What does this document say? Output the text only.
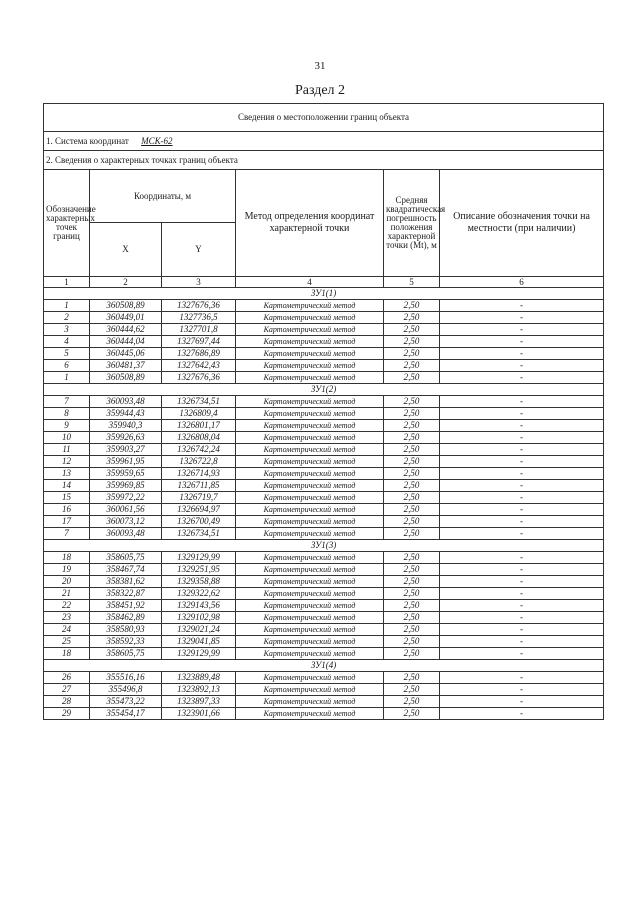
31
Раздел 2
Сведения о местоположении границ объекта					
1. Система координат МСК-62					
2. Сведения о характерных точках границ объекта					
Обозначение характерных точек границ	Координаты, м		Метод определения координат характерной точки	Средняя квадратическая погрешность положения характерной точки (Mt), м	Описание обозначения точки на местности (при наличии)
	X	Y			
1	2	3	4	5	6
ЗУ1(1)					
1	360508,89	1327676,36	Картометрический метод	2,50	-
2	360449,01	1327736,5	Картометрический метод	2,50	-
3	360444,62	1327701,8	Картометрический метод	2,50	-
4	360444,04	1327697,44	Картометрический метод	2,50	-
5	360445,06	1327686,89	Картометрический метод	2,50	-
6	360481,37	1327642,43	Картометрический метод	2,50	-
1	360508,89	1327676,36	Картометрический метод	2,50	-
ЗУ1(2)					
7	360093,48	1326734,51	Картометрический метод	2,50	-
8	359944,43	1326809,4	Картометрический метод	2,50	-
9	359940,3	1326801,17	Картометрический метод	2,50	-
10	359926,63	1326808,04	Картометрический метод	2,50	-
11	359903,27	1326742,24	Картометрический метод	2,50	-
12	359961,95	1326722,8	Картометрический метод	2,50	-
13	359959,65	1326714,93	Картометрический метод	2,50	-
14	359969,85	1326711,85	Картометрический метод	2,50	-
15	359972,22	1326719,7	Картометрический метод	2,50	-
16	360061,56	1326694,97	Картометрический метод	2,50	-
17	360073,12	1326700,49	Картометрический метод	2,50	-
7	360093,48	1326734,51	Картометрический метод	2,50	-
ЗУ1(3)					
18	358605,75	1329129,99	Картометрический метод	2,50	-
19	358467,74	1329251,95	Картометрический метод	2,50	-
20	358381,62	1329358,88	Картометрический метод	2,50	-
21	358322,87	1329322,62	Картометрический метод	2,50	-
22	358451,92	1329143,56	Картометрический метод	2,50	-
23	358462,89	1329102,98	Картометрический метод	2,50	-
24	358580,93	1329021,24	Картометрический метод	2,50	-
25	358592,33	1329041,85	Картометрический метод	2,50	-
18	358605,75	1329129,99	Картометрический метод	2,50	-
ЗУ1(4)					
26	355516,16	1323889,48	Картометрический метод	2,50	-
27	355496,8	1323892,13	Картометрический метод	2,50	-
28	355473,22	1323897,33	Картометрический метод	2,50	-
29	355454,17	1323901,66	Картометрический метод	2,50	-
